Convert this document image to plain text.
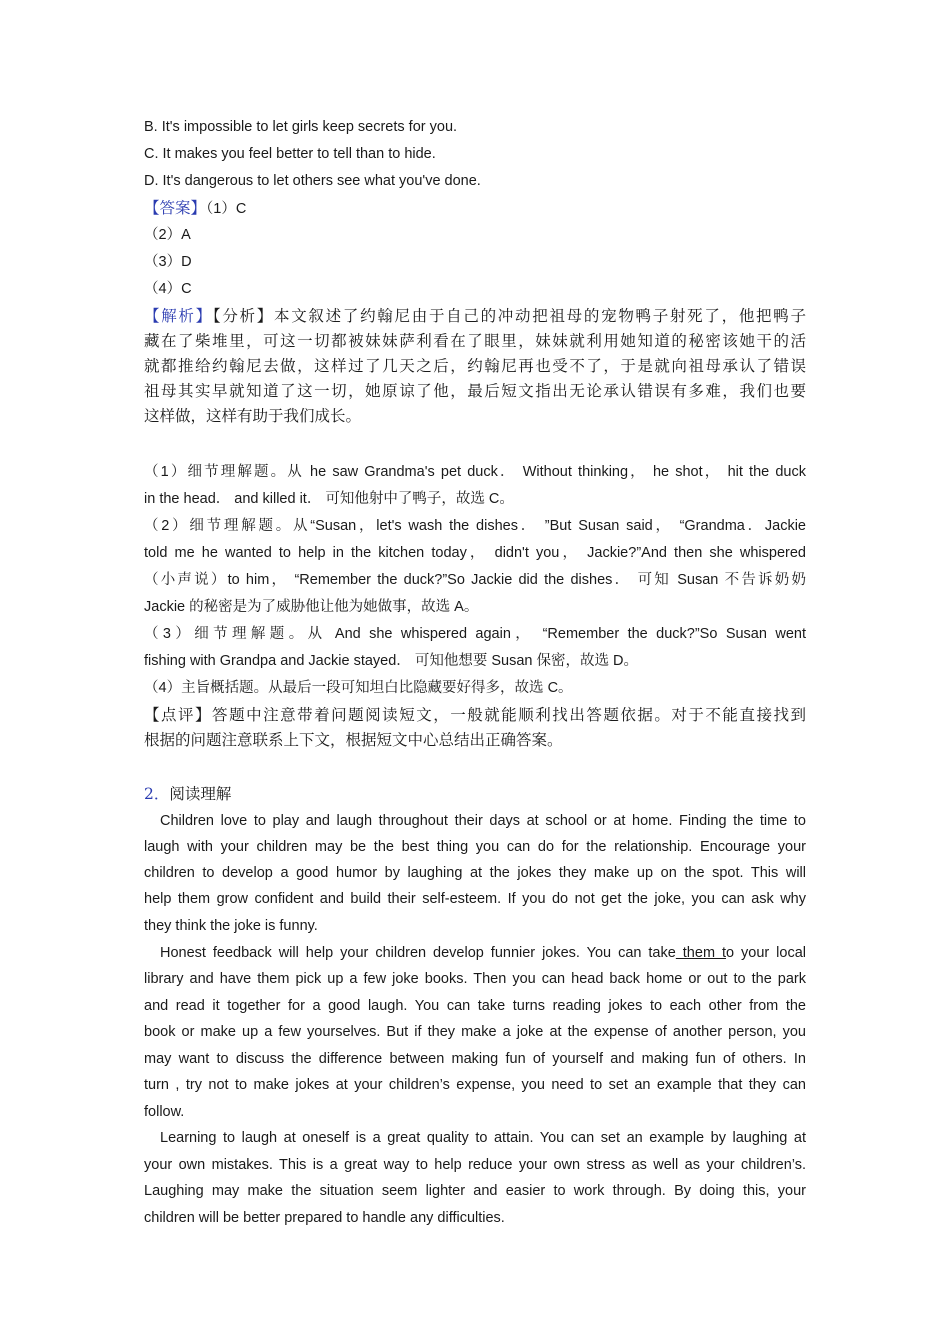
B. It's impossible to let girls keep secrets for you.
C. It makes you feel better to tell than to hide.
D. It's dangerous to let others see what you've done.
【答案】（1）C
（2）A
（3）D
（4）C
【解析】【分析】本文叙述了约翰尼由于自己的冲动把祖母的宠物鸭子射死了，他把鸭子
藏在了柴堆里，可这一切都被妹妹萨利看在了眼里，妹妹就利用她知道的秘密该她干的活
就都推给约翰尼去做，这样过了几天之后，约翰尼再也受不了，于是就向祖母承认了错误
祖母其实早就知道了这一切，她原谅了他，最后短文指出无论承认错误有多难，我们也要
这样做，这样有助于我们成长。
（1）细节理解题。从 he saw Grandma's pet duck． Without thinking， he shot， hit the duck
in the head． and killed it． 可知他射中了鸭子，故选 C。
（2）细节理解题。从“Susan，let's wash the dishes． ”But Susan said， “Grandma．Jackie
told me he wanted to help in the kitchen today， didn't you， Jackie?”And then she whispered
（小声说）to him， “Remember the duck?”So Jackie did the dishes． 可知 Susan 不告诉奶奶
Jackie 的秘密是为了威胁他让他为她做事，故选 A。
（3）细节理解题。从 And she whispered again， “Remember the duck?”So Susan went
fishing with Grandpa and Jackie stayed． 可知他想要 Susan 保密，故选 D。
（4）主旨概括题。从最后一段可知坦白比隐藏要好得多，故选 C。
【点评】答题中注意带着问题阅读短文，一般就能顺利找出答题依据。对于不能直接找到
根据的问题注意联系上下文，根据短文中心总结出正确答案。
2．阅读理解
Children love to play and laugh throughout their days at school or at home. Finding the time to
laugh with your children may be the best thing you can do for the relationship. Encourage your
children to develop a good humor by laughing at the jokes they make up on the spot. This will
help them grow confident and build their self-esteem. If you do not get the joke, you can ask why
they think the joke is funny.
Honest feedback will help your children develop funnier jokes. You can take them to your local
library and have them pick up a few joke books. Then you can head back home or out to the park
and read it together for a good laugh. You can take turns reading jokes to each other from the
book or make up a few yourselves. But if they make a joke at the expense of another person, you
may want to discuss the difference between making fun of yourself and making fun of others. In
turn , try not to make jokes at your children’s expense, you need to set an example that they can
follow.
Learning to laugh at oneself is a great quality to attain. You can set an example by laughing at
your own mistakes. This is a great way to help reduce your own stress as well as your children’s.
Laughing may make the situation seem lighter and easier to work through. By doing this, your
children will be better prepared to handle any difficulties.
